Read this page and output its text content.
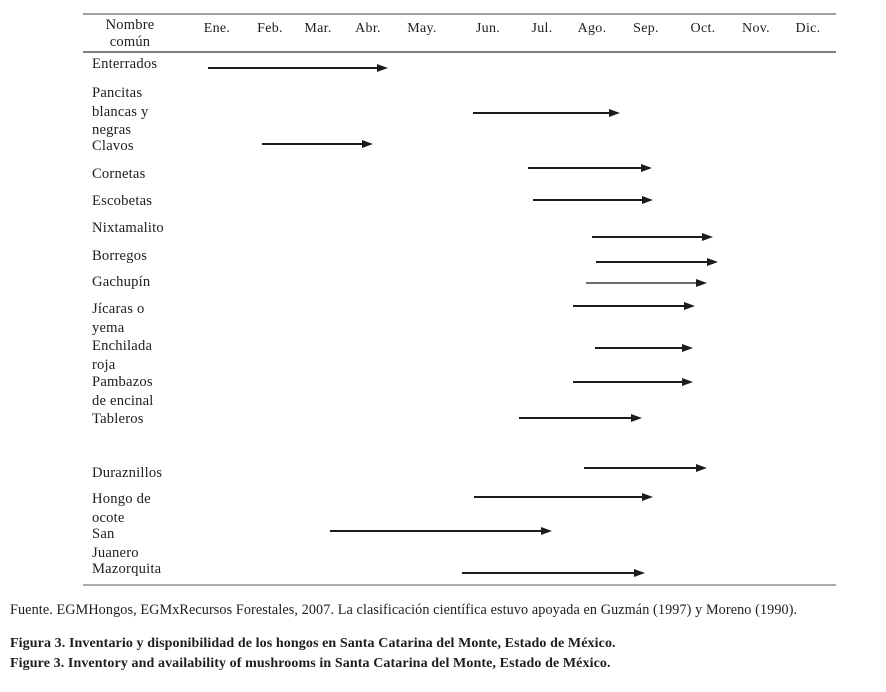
Nombre
común
Ene. Feb. Mar. Abr. May.	Jun. Jul. Ago. Sep. Oct. Nov. Dic.
Enterrados
Pancitas
blancas y
negras
Clavos
Cornetas
Escobetas
Nixtamalito
Borregos
Gachupín
Jícaras o
yema
Enchilada
roja
Pambazos
de encinal
Tableros
Duraznillos
Hongo de
ocote
San
Juanero
Mazorquita
Fuente. EGMHongos, EGMxRecursos Forestales, 2007. La clasificación científica estuvo apoyada en Guzmán (1997) y Moreno (1990).
Figura 3. Inventario y disponibilidad de los hongos en Santa Catarina del Monte, Estado de México.
Figure 3. Inventory and availability of mushrooms in Santa Catarina del Monte, Estado de México.
